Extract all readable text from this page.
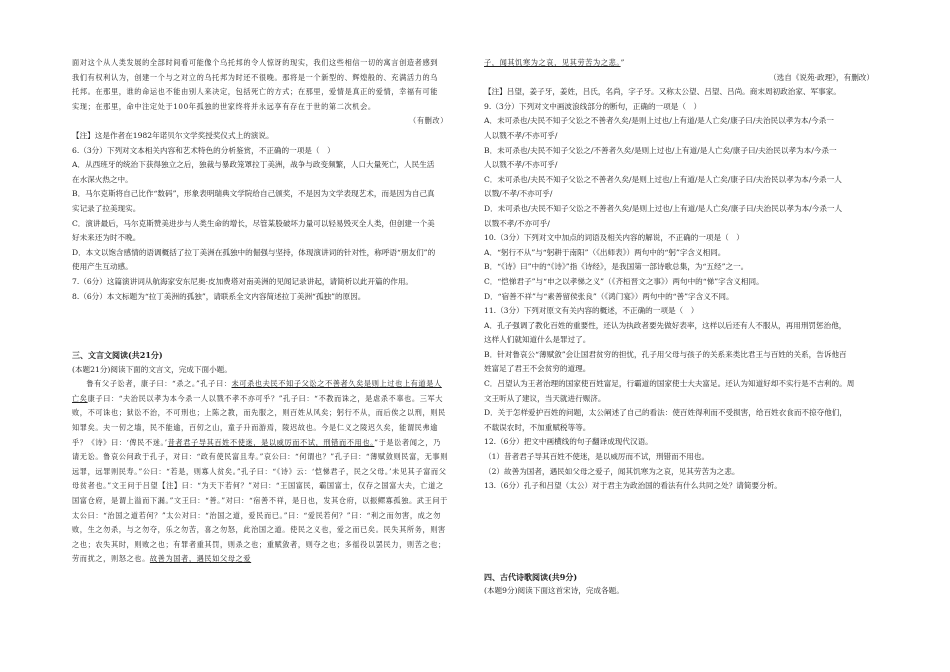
面对这个从人类发展的全部时间看可能像个乌托邦的令人惊讶的现实，我们这些相信一切的寓言创造者感到

我们有权利认为，创建一个与之对立的乌托邦为时还不很晚。那将是一个新型的、辉煌般的、充满活力的乌

托邦。在那里，谁的命运也不能由别人来决定，包括死亡的方式；在那里，爱情是真正的爱情，幸福有可能

实现；在那里，命中注定处于100年孤独的世家终将并永远享有存在于世的第二次机会。

（有删改）

【注】这是作者在1982年诺贝尔文学奖授奖仪式上的演说。

6.（3分）下列对文本相关内容和艺术特色的分析鉴赏，不正确的一项是（　）

A．从西班牙的统治下获得独立之后，独裁与暴政笼罩拉丁美洲，战争与政变频繁，人口大量死亡，人民生活

在水深火热之中。

B．马尔克斯将自己比作“数码”，形象表明瑞典文学院给自己颁奖，不是因为文学表现艺术，而是因为自己真

实记录了拉美现实。

C．演讲最后，马尔克斯赞美进步与人类生命的增长，尽管某股破坏力量可以轻易毁灭全人类，但创建一个美

好未来还为时不晚。

D．本文以饱含感情的语调概括了拉丁美洲在孤独中的倔强与坚持，体现演讲词的针对性，称呼语“朋友们”的

使用产生互动感。

7.（6分）这篇演讲词从航海家安东尼奥·皮加费塔对南美洲的见闻记录讲起，请简析以此开篇的作用。

8.（6分）本文标题为“拉丁美洲的孤独”，请联系全文内容简述拉丁美洲“孤独”的原因。

三、文言文阅读(共21分)

(本题21分)阅读下面的文言文，完成下面小题。

鲁有父子讼者，康子曰：“杀之。”孔子曰：未可杀也夫民不知子父讼之不善者久矣是则上过也上有道是人亡矣康子曰：“夫治民以孝为本今杀一人以戮不孝不亦可乎？”孔子曰：“不教而诛之，是虐杀不辜也。三军大败，不可诛也；狱讼不治，不可刑也；上陈之教，而先服之，则百姓从风矣；躬行不从，而后俟之以刑，则民知罪矣。夫一仞之墙，民不能逾，百仞之山，童子升而游焉，陵迟故也。今是仁义之陵迟久矣，能谓民弗逾乎？《诗》曰：‘俾民不迷。’昔者君子导其百姓不使迷，是以威厉而不试，刑错而不用也。”于是讼者闻之，乃请无讼。鲁哀公问政于孔子，对曰：“政有使民富且寿。”哀公曰：“何谓也？”孔子曰：“薄赋敛则民富，无事则远罪，远罪则民寿。”公曰：“若是，则寡人贫矣。”孔子曰：“《诗》云：‘恺悌君子，民之父母。’未见其子富而父母贫者也。”文王问于吕望【注】曰：“为天下若何？”对曰：“王国富民，霸国富士，仅存之国富大夫，亡道之国富仓府，是谓上溢而下漏。”文王曰：“善。”对曰：“宿善不祥，是日也，发其仓府，以振鳏寡孤独。武王问于太公曰：“治国之道若何？”太公对曰：“治国之道，爱民而已。”曰：“爱民若何？”曰：“利之而勿害，成之勿败，生之勿杀，与之勿夺，乐之勿苦，喜之勿怒，此治国之道。使民之义也，爱之而已矣。民失其所务，则害之也；农失其时，则败之也；有罪者重其罚，则杀之也；重赋敛者，则夺之也；多徭役以罢民力，则苦之也；劳而扰之，则怒之也。故善为国者，遇民如父母之爱

子，闻其饥寒为之哀，见其劳苦为之悲。”

（选自《说苑·政理》，有删改）

【注】吕望，姜子牙，姜姓，吕氏，名尚，字子牙。又称太公望、吕望、吕尚。商末周初政治家、军事家。

9.（3分）下列对文中画波浪线部分的断句，正确的一项是（　）

A．未可杀也/夫民不知子父讼之不善者久矣/是则上过也/上有道/是人亡矣/康子曰/夫治民以孝为本/今杀一

人以戮不孝/不亦可乎/

B．未可杀也/夫民不知子父讼之/不善者久矣/是则上过也/上有道/是人亡矣/康子曰/夫治民以孝为本/今杀一

人以戮不孝/不亦可乎/

C．未可杀也/夫民不知子父讼之不善者久矣/是则上过也/上有道/是人亡矣/康子曰/夫治民以孝为本/今杀一人

以戮/不孝/不亦可乎/

D．未可杀也/夫民不知子父讼之不善者久矣/是则上过也/上有道/是人亡矣/康子曰/夫治民以孝为本/今杀一人

以戮不孝/不亦可乎/

10.（3分）下列对文中加点的词语及相关内容的解说，不正确的一项是（　）

A．“躬行不从”与“躬耕于南阳”（《出师表》）两句中的“躬”字含义相同。

B．“《诗》曰”中的“《诗》”指《诗经》，是我国第一部诗歌总集，为“五经”之一。

C．“恺悌君子”与“申之以孝悌之义”（《齐桓晋文之事》）两句中的“悌”字含义相同。

D．“宿善不祥”与“素善留侯张良”（《鸿门宴》）两句中的“善”字含义不同。

11.（3分）下列对原文有关内容的概述，不正确的一项是（　）

A．孔子强调了教化百姓的重要性，还认为执政者要先做好表率，这样以后还有人不服从，再用刑罚惩治他，

这样人们就知道什么是罪过了。

B．针对鲁哀公“薄赋敛”会让国君贫穷的担忧，孔子用父母与孩子的关系来类比君王与百姓的关系，告诉他百

姓富足了君王不会贫穷的道理。

C．吕望认为王者治理的国家使百姓富足，行霸道的国家使士大夫富足。还认为知道好却不实行是不吉利的。周

文王听从了建议，当天就进行赈济。

D．关于怎样爱护百姓的问题，太公阐述了自己的看法：使百姓得利而不受损害，给百姓衣食而不掠夺他们，

不载误农时，不加重赋税等等。

12.（6分）把文中画横线的句子翻译成现代汉语。

（1）昔者君子导其百姓不使迷，是以威厉而不试，刑错而不用也。

（2）故善为国者，遇民如父母之爱子，闻其饥寒为之哀，见其劳苦为之悲。

13.（6分）孔子和吕望（太公）对于君主为政治国的看法有什么共同之处？请简要分析。

四、古代诗歌阅读(共9分)

(本题9分)阅读下面这首宋诗，完成各题。
